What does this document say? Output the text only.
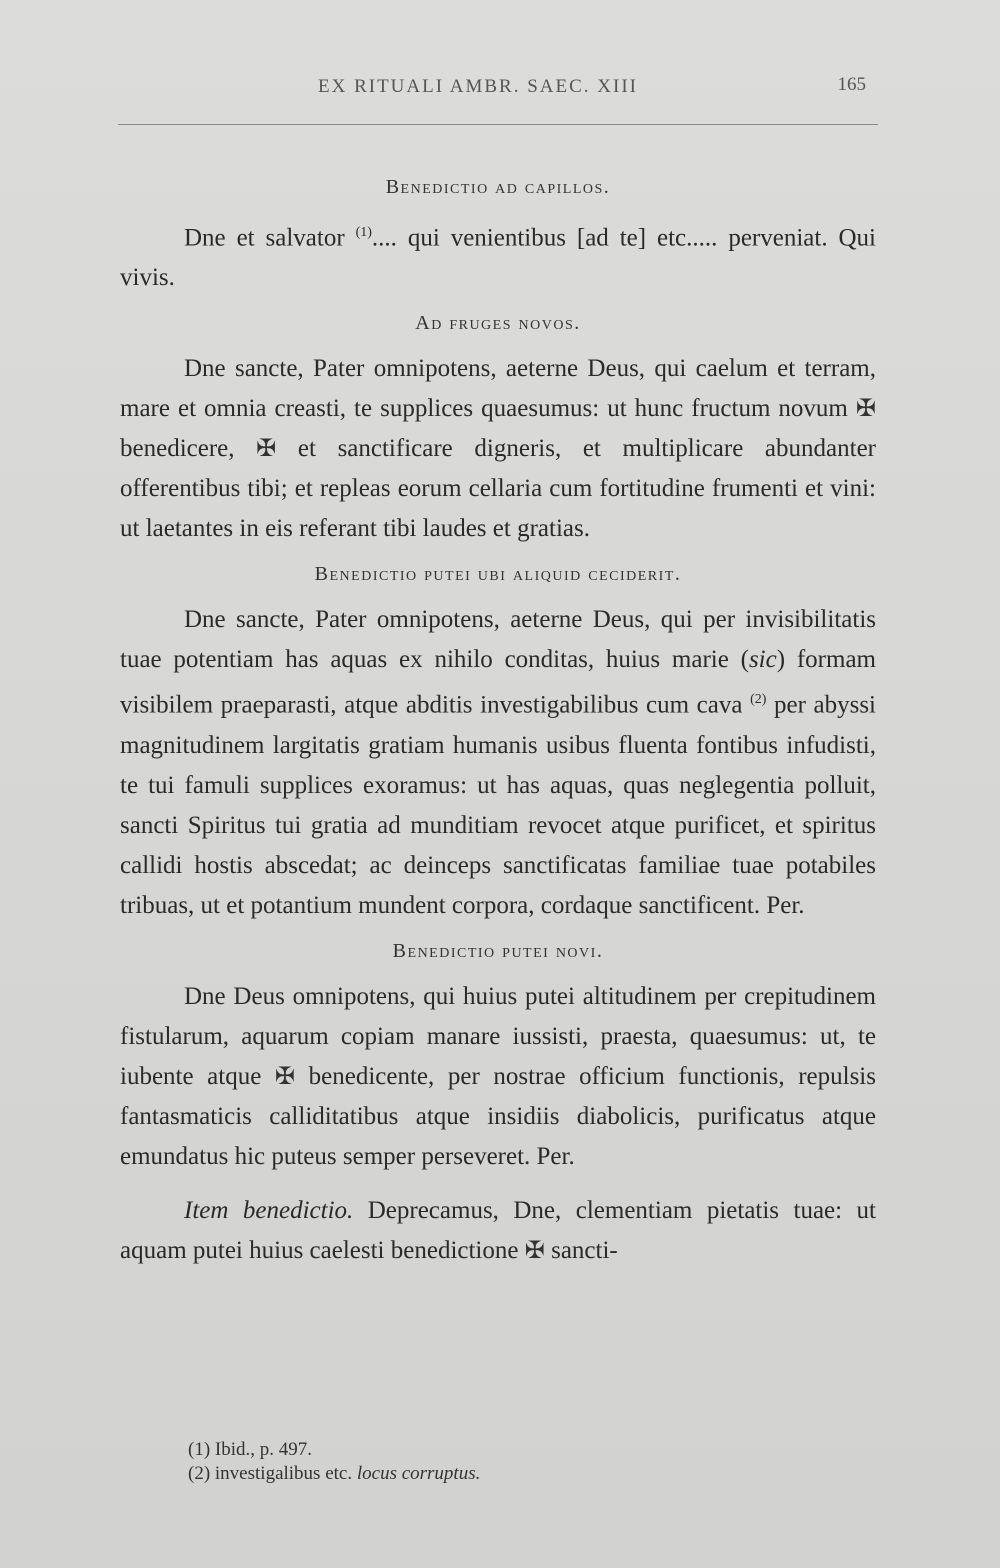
EX RITUALI AMBR. SAEC. XIII	165
Benedictio ad capillos.

Dne et salvator $^{(1)}$.... qui venientibus [ad te] etc..... perveniat. Qui vivis.

Ad fruges novos.

Dne sancte, Pater omnipotens, aeterne Deus, qui caelum et terram, mare et omnia creasti, te supplices quaesumus: ut hunc fructum novum ✠ benedicere, ✠ et sanctificare digneris, et multiplicare abundanter offerentibus tibi; et repleas eorum cellaria cum fortitudine frumenti et vini: ut laetantes in eis referant tibi laudes et gratias.

Benedictio putei ubi aliquid ceciderit.

Dne sancte, Pater omnipotens, aeterne Deus, qui per invisibilitatis tuae potentiam has aquas ex nihilo conditas, huius marie (sic) formam visibilem praeparasti, atque abditis investigabilibus cum cava $^{(2)}$ per abyssi magnitudinem largitatis gratiam humanis usibus fluenta fontibus infudisti, te tui famuli supplices exoramus: ut has aquas, quas neglegentia polluit, sancti Spiritus tui gratia ad munditiam revocet atque purificet, et spiritus callidi hostis abscedat; ac deinceps sanctificatas familiae tuae potabiles tribuas, ut et potantium mundent corpora, cordaque sanctificent. Per.

Benedictio putei novi.

Dne Deus omnipotens, qui huius putei altitudinem per crepitudinem fistularum, aquarum copiam manare iussisti, praesta, quaesumus: ut, te iubente atque ✠ benedicente, per nostrae officium functionis, repulsis fantasmaticis calliditatibus atque insidiis diabolicis, purificatus atque emundatus hic puteus semper perseveret. Per.

Item benedictio. Deprecamus, Dne, clementiam pietatis tuae: ut aquam putei huius caelesti benedictione ✠ sancti-

(1) Ibid., p. 497.

(2) investigalibus etc. locus corruptus.
